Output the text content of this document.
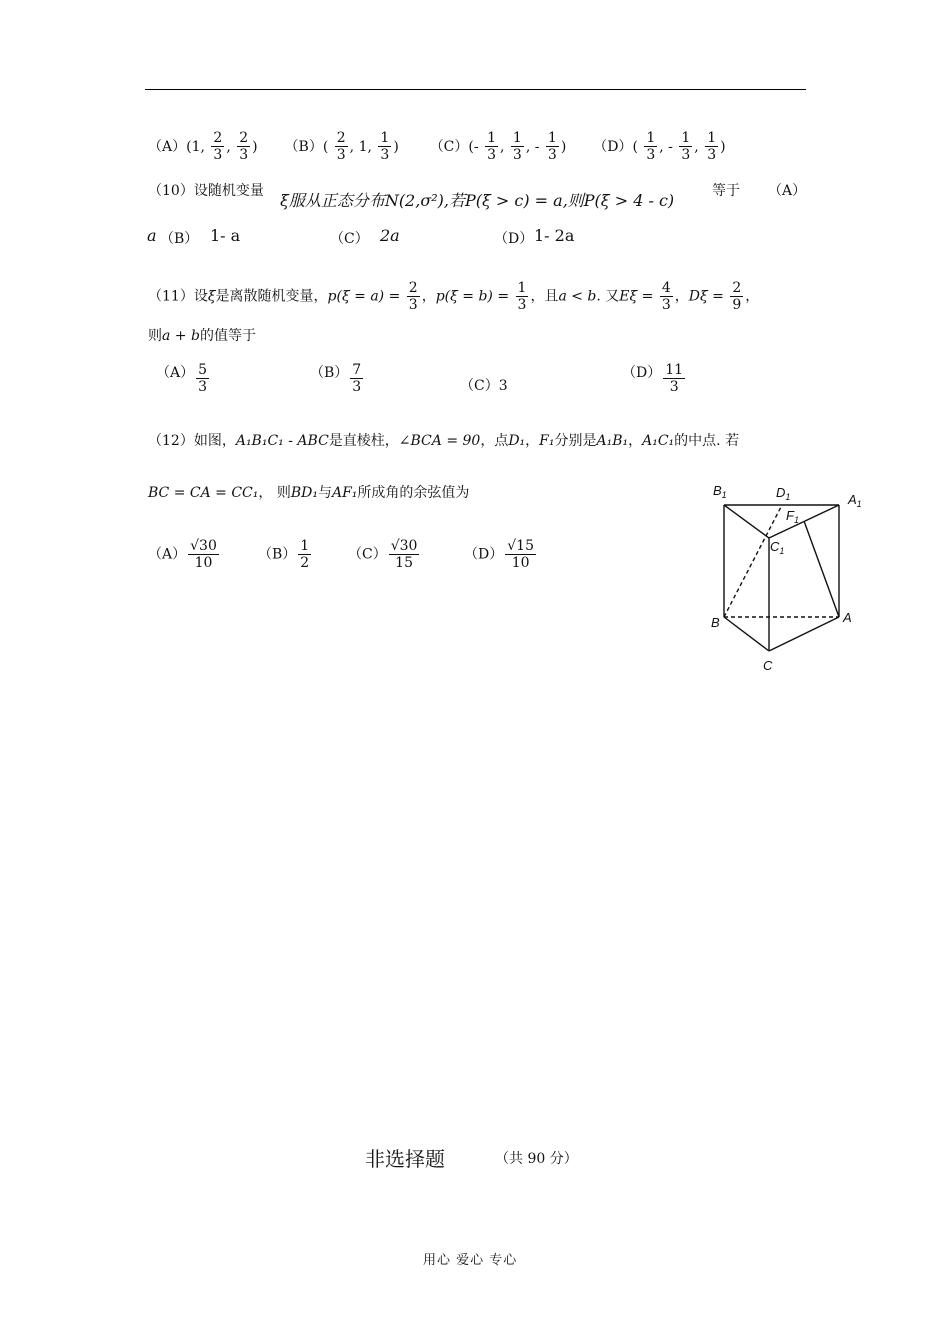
（A）(1, $\frac{2}{3}$ , $\frac{2}{3}$ ) $(B)( \frac{2}{3}$ , 1, $\frac{1}{3}$ ) $(C)(- \frac{1}{3}$ , $\frac{1}{3}$ , - $\frac{1}{3}$ ) $(D)( \frac{1}{3}$ , - $\frac{1}{3}$ , $\frac{1}{3}$ )
（10）设随机变量 ξ服从正态分布N(2,σ²),若P(ξ > c) = a,则P(ξ > 4 - c)	等于 （A）
a （B） 1- a	（C） 2a	（D） 1- 2a
（11）设ξ是离散随机变量，$p(\xi = a) = \frac{2}{3}$ ，$p(\xi = b) = \frac{1}{3}$ ，且a < b. 又$E\xi = \frac{4}{3}$ ，$D\xi = \frac{2}{9}$ ，
则a + b的值等于
$(A) \frac{5}{3}$	$(B) \frac{7}{3}$	（C）3
$(D) \frac{11}{3}$
（12）如图，A₁B₁C₁ - ABC是直棱柱，∠BCA = 90，点D₁，F₁分别是A₁B₁，A₁C₁的中点. 若
BC = CA = CC₁， 则BD₁与AF₁所成角的余弦值为
$(A) \frac{√30}{10}$	$(B) \frac{1}{2}$	$(C) \frac{√30}{15}$	$(D) \frac{√15}{10}$
$B_1$	$D_1$	$A_1$
$F_1$
$C_1$
B	A
C
非选择题	（共 90 分）
用心 爱心 专心
